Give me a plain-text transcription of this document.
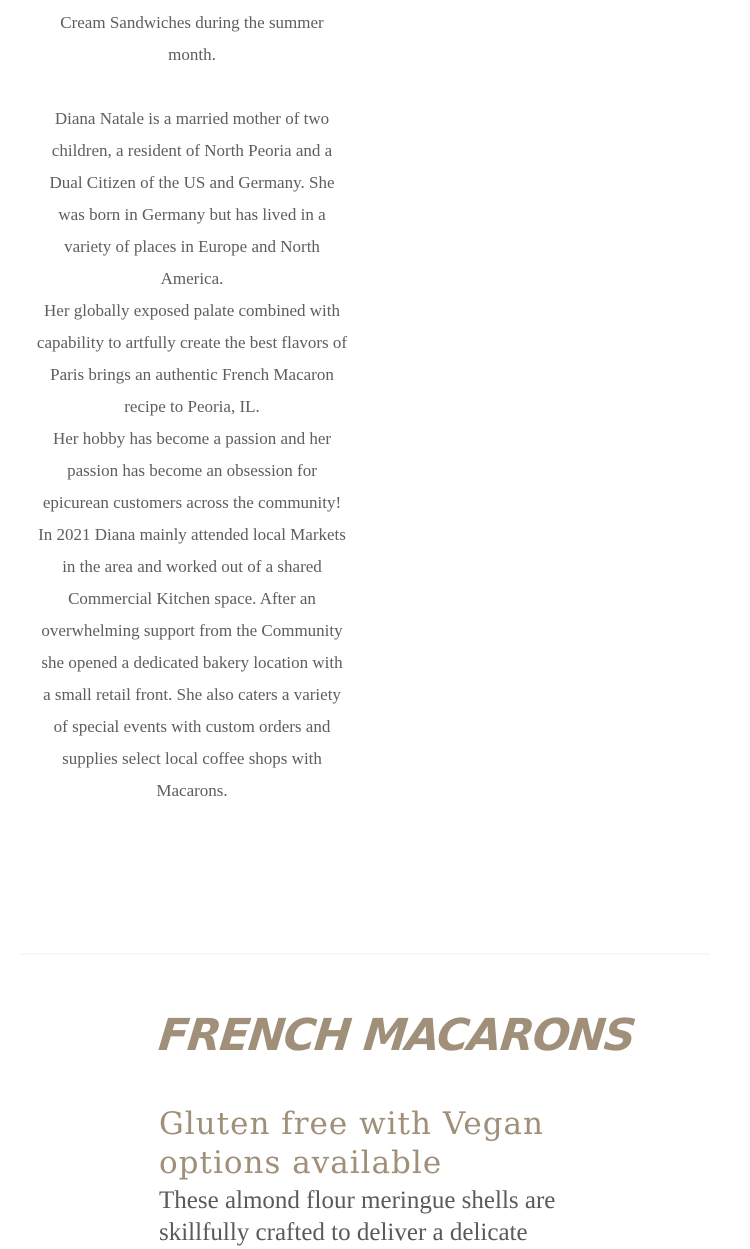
Cream Sandwiches during the summer month.

Diana Natale is a married mother of two children, a resident of North Peoria and a Dual Citizen of the US and Germany. She was born in Germany but has lived in a variety of places in Europe and North America.

Her globally exposed palate combined with capability to artfully create the best flavors of Paris brings an authentic French Macaron recipe to Peoria, IL.

Her hobby has become a passion and her passion has become an obsession for epicurean customers across the community!

In 2021 Diana mainly attended local Markets in the area and worked out of a shared Commercial Kitchen space. After an overwhelming support from the Community she opened a dedicated bakery location with a small retail front. She also caters a variety of special events with custom orders and supplies select local coffee shops with Macarons.

FRENCH MACARONS
Gluten free with Vegan options available

These almond flour meringue shells are skillfully crafted to deliver a delicate
